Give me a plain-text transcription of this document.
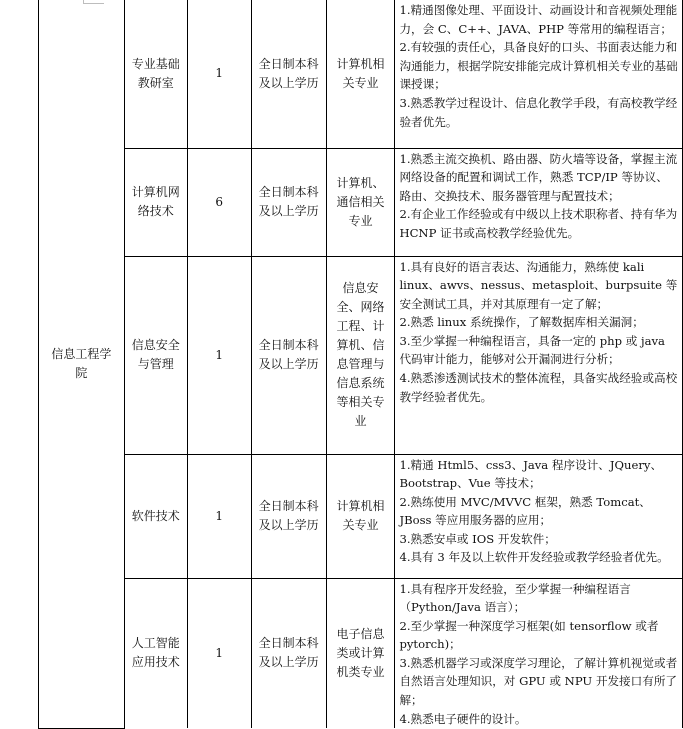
信息工程学院	专业基础教研室	1	全日制本科及以上学历	计算机相关专业	1.精通图像处理、平面设计、动画设计和音视频处理能力，会 C、C++、JAVA、PHP 等常用的编程语言；

2.有较强的责任心，具备良好的口头、书面表达能力和沟通能力，根据学院安排能完成计算机相关专业的基础课授课；

3.熟悉教学过程设计、信息化教学手段，有高校教学经验者优先。

	计算机网络技术	6	全日制本科及以上学历	计算机、通信相关专业	1.熟悉主流交换机、路由器、防火墙等设备，掌握主流网络设备的配置和调试工作，熟悉 TCP/IP 等协议、路由、交换技术、服务器管理与配置技术；

2.有企业工作经验或有中级以上技术职称者、持有华为 HCNP 证书或高校教学经验优先。

	信息安全与管理	1	全日制本科及以上学历	信息安全、网络工程、计算机、信息管理与信息系统等相关专业	1.具有良好的语言表达、沟通能力，熟练使 kali linux、awvs、nessus、metasploit、burpsuite 等安全测试工具，并对其原理有一定了解；

2.熟悉 linux 系统操作，了解数据库相关漏洞；

3.至少掌握一种编程语言，具备一定的 php 或 java 代码审计能力，能够对公开漏洞进行分析；

4.熟悉渗透测试技术的整体流程，具备实战经验或高校教学经验者优先。

	软件技术	1	全日制本科及以上学历	计算机相关专业	1.精通 Html5、css3、Java 程序设计、JQuery、Bootstrap、Vue 等技术；

2.熟练使用 MVC/MVVC 框架，熟悉 Tomcat、JBoss 等应用服务器的应用；

3.熟悉安卓或 IOS 开发软件；

4.具有 3 年及以上软件开发经验或教学经验者优先。

	人工智能应用技术	1	全日制本科及以上学历	电子信息类或计算机类专业	1.具有程序开发经验，至少掌握一种编程语言（Python/Java 语言）；

2.至少掌握一种深度学习框架(如 tensorflow 或者 pytorch)；

3.熟悉机器学习或深度学习理论，了解计算机视觉或者自然语言处理知识，对 GPU 或 NPU 开发接口有所了解；

4.熟悉电子硬件的设计。
